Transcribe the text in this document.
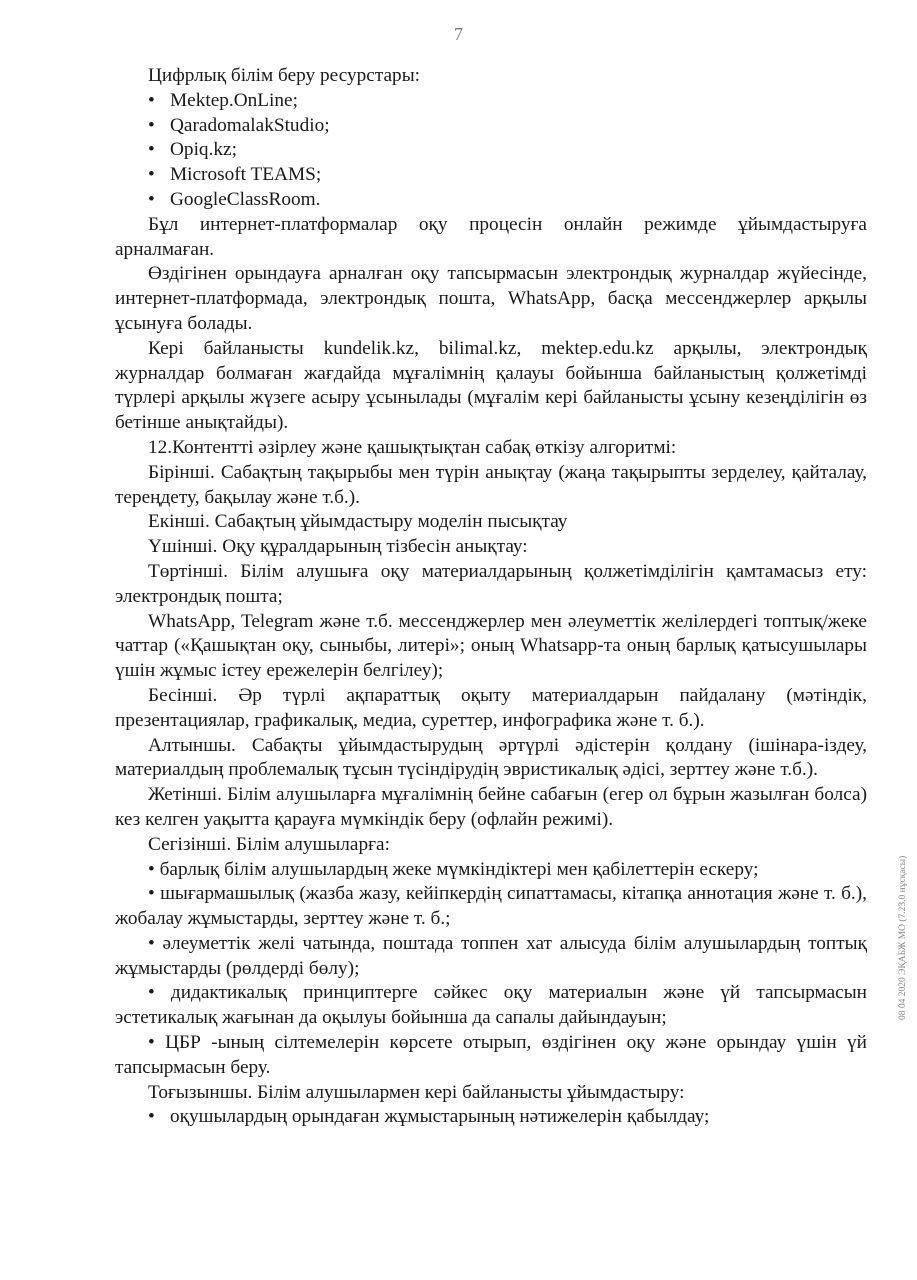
7

Цифрлық білім беру ресурстары:

• Mektep.OnLine;
• QaradomalakStudio;
• Opiq.kz;
• Microsoft TEAMS;
• GoogleClassRoom.

Бұл интернет-платформалар оқу процесін онлайн режимде ұйымдастыруға арналмаған.

Өздігінен орындауға арналған оқу тапсырмасын электрондық журналдар жүйесінде, интернет-платформада, электрондық пошта, WhatsApp, басқа мессенджерлер арқылы ұсынуға болады.

Кері байланысты kundelik.kz, bilimal.kz, mektep.edu.kz арқылы, электрондық журналдар болмаған жағдайда мұғалімнің қалауы бойынша байланыстың қолжетімді түрлері арқылы жүзеге асыру ұсынылады (мұғалім кері байланысты ұсыну кезеңділігін өз бетінше анықтайды).

12.Контентті әзірлеу және қашықтықтан сабақ өткізу алгоритмі:

Бірінші. Сабақтың тақырыбы мен түрін анықтау (жаңа тақырыпты зерделеу, қайталау, тереңдету, бақылау және т.б.).

Екінші. Сабақтың ұйымдастыру моделін пысықтау

Үшінші. Оқу құралдарының тізбесін анықтау:

Төртінші. Білім алушыға оқу материалдарының қолжетімділігін қамтамасыз ету: электрондық пошта;

WhatsApp, Telegram және т.б. мессенджерлер мен әлеуметтік желілердегі топтық/жеке чаттар («Қашықтан оқу, сыныбы, литері»; оның Whatsapp-та оның барлық қатысушылары үшін жұмыс істеу ережелерін белгілеу);

Бесінші. Әр түрлі ақпараттық оқыту материалдарын пайдалану (мәтіндік, презентациялар, графикалық, медиа, суреттер, инфографика және т. б.).

Алтыншы. Сабақты ұйымдастырудың әртүрлі әдістерін қолдану (ішінара-іздеу, материалдың проблемалық тұсын түсіндірудің эвристикалық әдісі, зерттеу және т.б.).

Жетінші. Білім алушыларға мұғалімнің бейне сабағын (егер ол бұрын жазылған болса) кез келген уақытта қарауға мүмкіндік беру (офлайн режимі).

Сегізінші. Білім алушыларға:

• барлық білім алушылардың жеке мүмкіндіктері мен қабілеттерін ескеру;

• шығармашылық (жазба жазу, кейіпкердің сипаттамасы, кітапқа аннотация және т. б.), жобалау жұмыстарды, зерттеу және т. б.;

• әлеуметтік желі чатында, поштада топпен хат алысуда білім алушылардың топтық жұмыстарды (рөлдерді бөлу);

• дидактикалық принциптерге сәйкес оқу материалын және үй тапсырмасын эстетикалық жағынан да оқылуы бойынша да сапалы дайындауын;

• ЦБР -ының сілтемелерін көрсете отырып, өздігінен оқу және орындау үшін үй тапсырмасын беру.

Тоғызыншы. Білім алушылармен кері байланысты ұйымдастыру:

• оқушылардың орындаған жұмыстарының нәтижелерін қабылдау;
08 04 2020 ЭҚАБЖ МО (7.23.0 нұсқасы)
